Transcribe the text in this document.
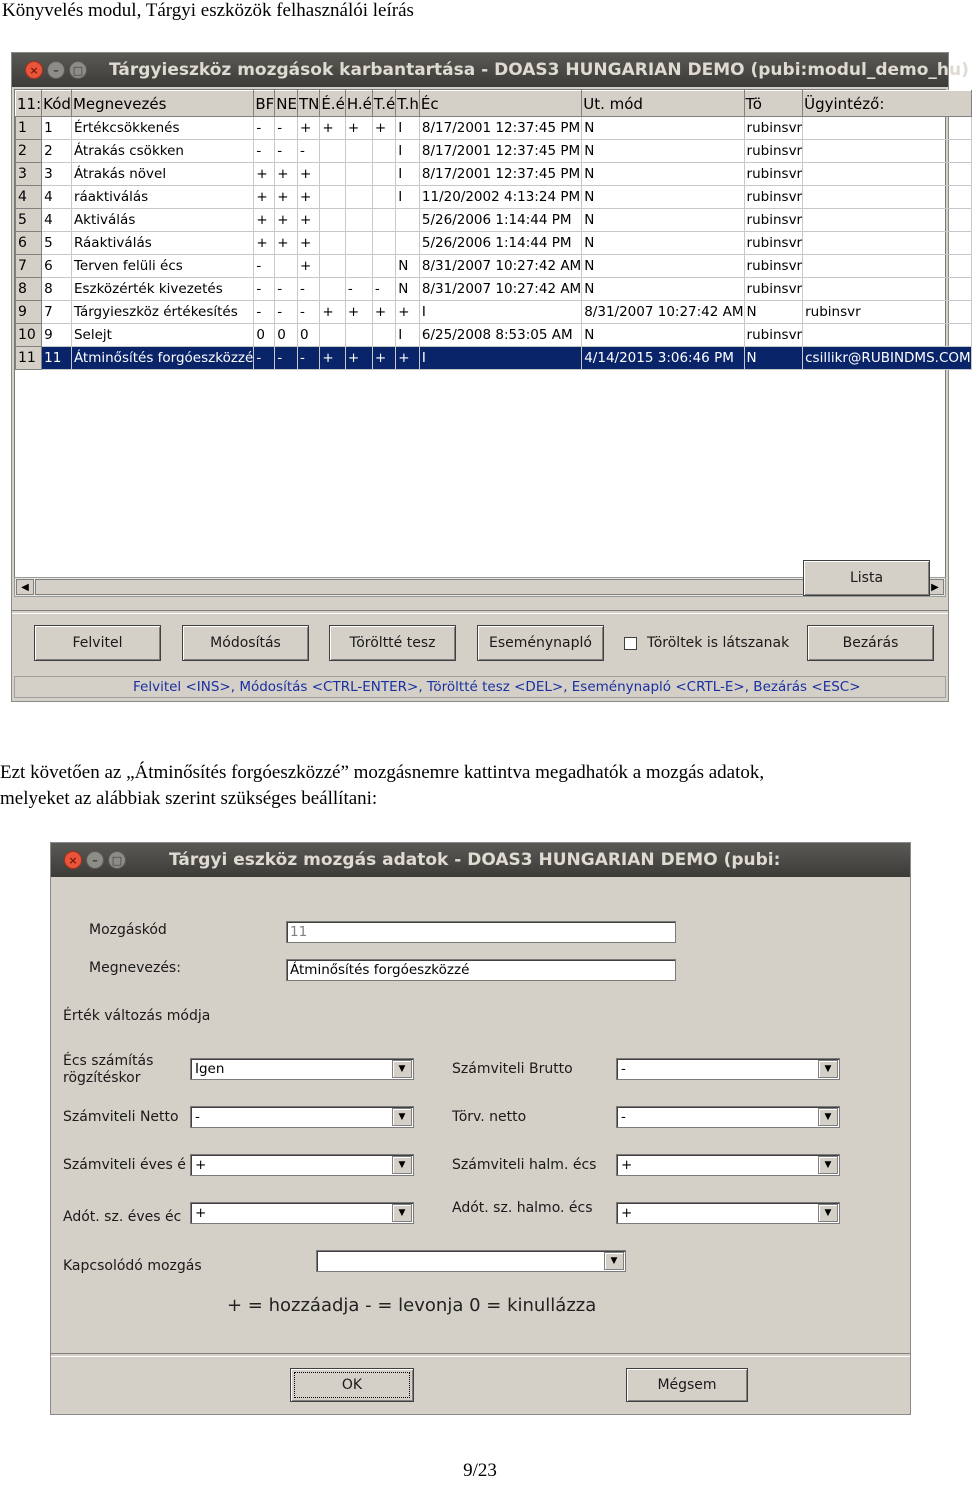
Könyvelés modul, Tárgyi eszközök felhasználói leírás
×	–	□ Tárgyieszköz mozgások karbantartása - DOAS3 HUNGARIAN DEMO (pubi:modul_demo_hu)
11:	Kód	Megnevezés	BF	NE	TN	É.é	H.é	T.é	T.h	Éc	Ut. mód	Tö	Ügyintéző:
1	1	Értékcsökkenés	-	-	+	+	+	+	I	8/17/2001 12:37:45 PM	N	rubinsvr	
2	2	Átrakás csökken	-	-	-				I	8/17/2001 12:37:45 PM	N	rubinsvr	
3	3	Átrakás növel	+	+	+				I	8/17/2001 12:37:45 PM	N	rubinsvr	
4	4	ráaktiválás	+	+	+				I	11/20/2002 4:13:24 PM	N	rubinsvr	
5	4	Aktiválás	+	+	+					5/26/2006 1:14:44 PM	N	rubinsvr	
6	5	Ráaktiválás	+	+	+					5/26/2006 1:14:44 PM	N	rubinsvr	
7	6	Terven felüli écs	-		+				N	8/31/2007 10:27:42 AM	N	rubinsvr	
8	8	Eszközérték kivezetés	-	-	-		-	-	N	8/31/2007 10:27:42 AM	N	rubinsvr	
9	7	Tárgyieszköz értékesítés	-	-	-	+	+	+	+	I	8/31/2007 10:27:42 AM	N	rubinsvr
10	9	Selejt	0	0	0				I	6/25/2008 8:53:05 AM	N	rubinsvr	
11	11	Átminősítés forgóeszközzé	-	-	-	+	+	+	+	I	4/14/2015 3:06:46 PM	N	csillikr@RUBINDMS.COM
◀	▶
Lista
Felvitel	Módosítás	Töröltté tesz	Eseménynapló	Töröltek is látszanak	Bezárás
Felvitel <INS>, Módosítás <CTRL-ENTER>, Töröltté tesz <DEL>, Eseménynapló <CRTL-E>, Bezárás <ESC>
Ezt követően az „Átminősítés forgóeszközzé” mozgásnemre kattintva megadhatók a mozgás adatok,
melyeket az alábbiak szerint szükséges beállítani:
×	–	□	Tárgyi eszköz mozgás adatok - DOAS3 HUNGARIAN DEMO (pubi:
Mozgáskód	11
Megnevezés:	Átminősítés forgóeszközzé
Érték változás módja
Écs számítás
rögzítéskor
Igen	▼	Számviteli Brutto	-	▼
Számviteli Netto	-	▼	Törv. netto	-	▼
Számviteli éves é +	▼	Számviteli halm. écs	+	▼
Adót. sz. éves éc	+	▼	Adót. sz. halmo. écs	+	▼
Kapcsolódó mozgás	▼
+ = hozzáadja - = levonja 0 = kinullázza
OK	Mégsem
9/23
